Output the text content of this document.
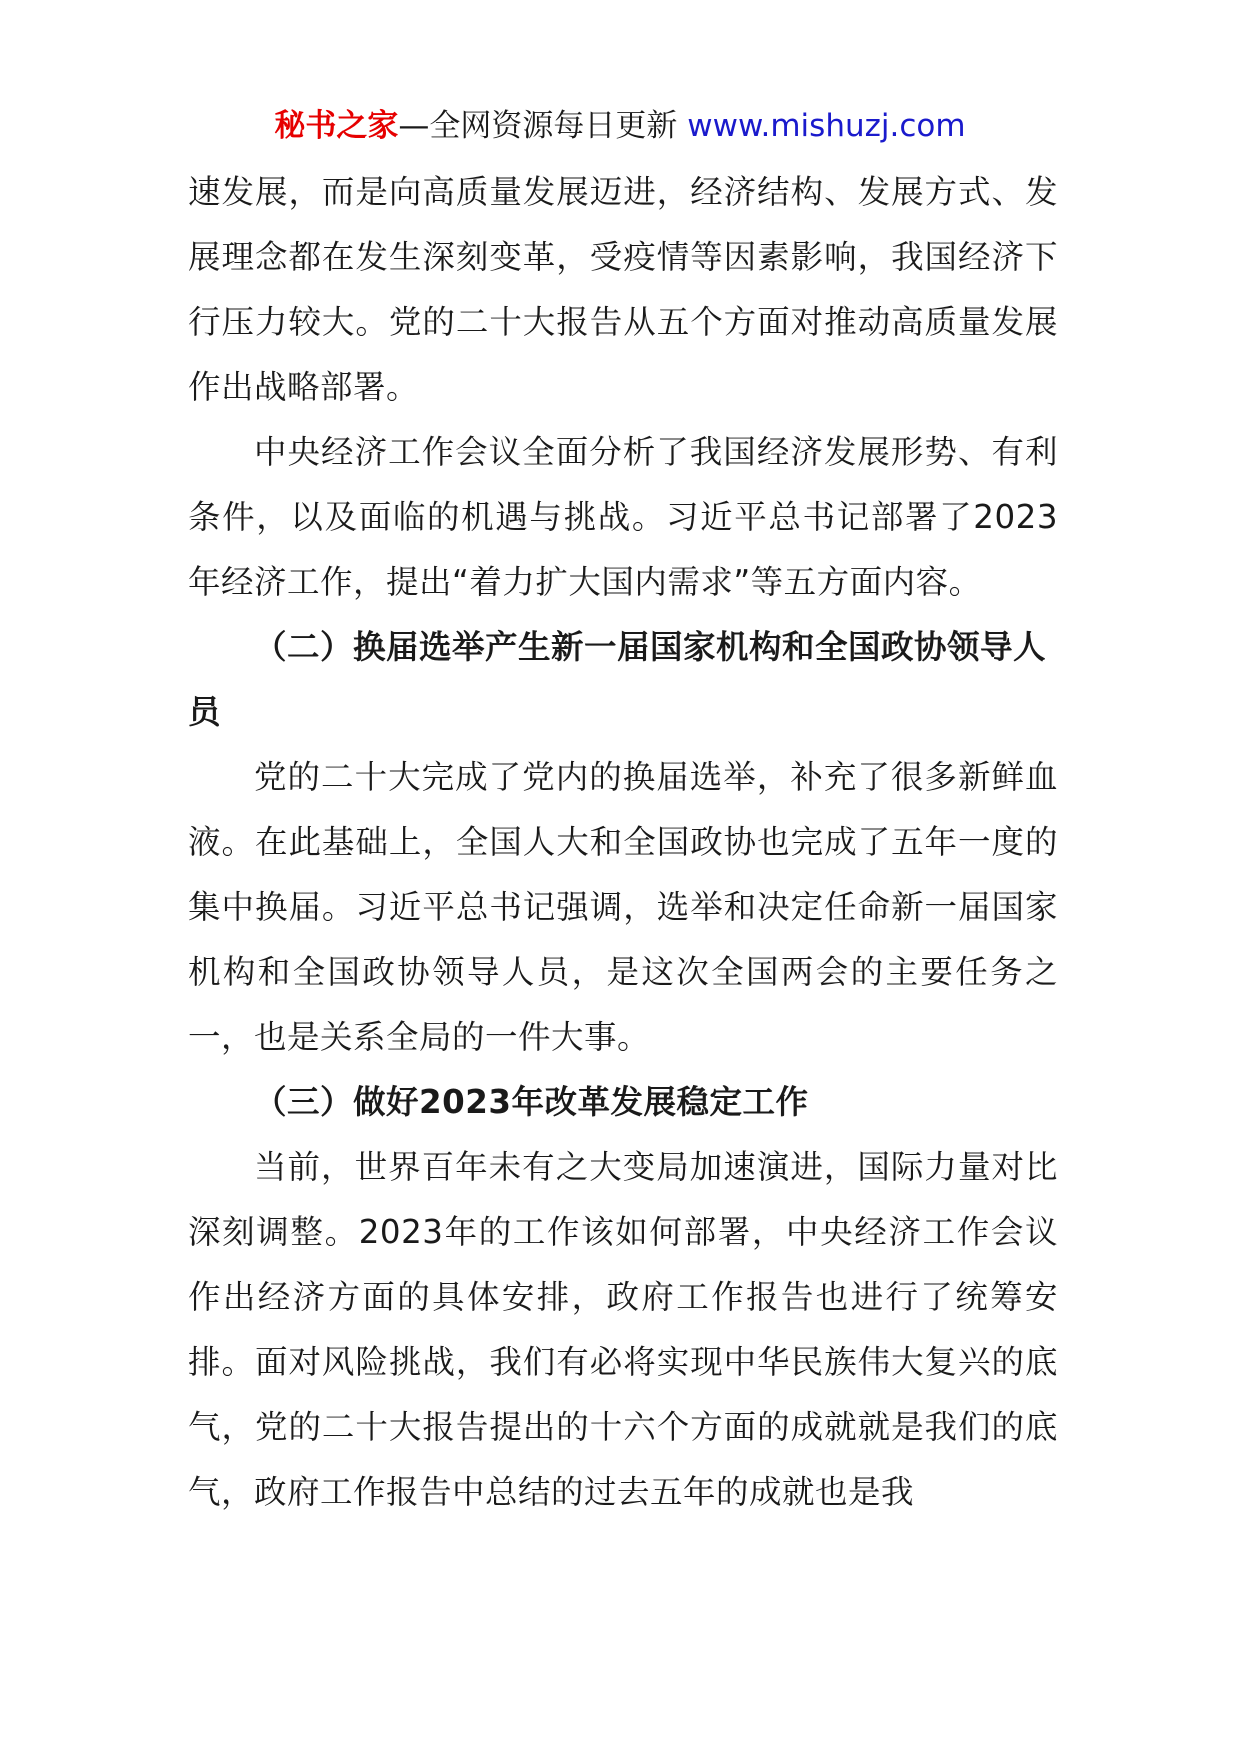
秘书之家—全网资源每日更新 www.mishuzj.com

速发展，而是向高质量发展迈进，经济结构、发展方式、发展理念都在发生深刻变革，受疫情等因素影响，我国经济下行压力较大。党的二十大报告从五个方面对推动高质量发展作出战略部署。

中央经济工作会议全面分析了我国经济发展形势、有利条件，以及面临的机遇与挑战。习近平总书记部署了2023年经济工作，提出“着力扩大国内需求”等五方面内容。

（二）换届选举产生新一届国家机构和全国政协领导人员

党的二十大完成了党内的换届选举，补充了很多新鲜血液。在此基础上，全国人大和全国政协也完成了五年一度的集中换届。习近平总书记强调，选举和决定任命新一届国家机构和全国政协领导人员，是这次全国两会的主要任务之一，也是关系全局的一件大事。

（三）做好2023年改革发展稳定工作

当前，世界百年未有之大变局加速演进，国际力量对比深刻调整。2023年的工作该如何部署，中央经济工作会议作出经济方面的具体安排，政府工作报告也进行了统筹安排。面对风险挑战，我们有必将实现中华民族伟大复兴的底气，党的二十大报告提出的十六个方面的成就就是我们的底气，政府工作报告中总结的过去五年的成就也是我
